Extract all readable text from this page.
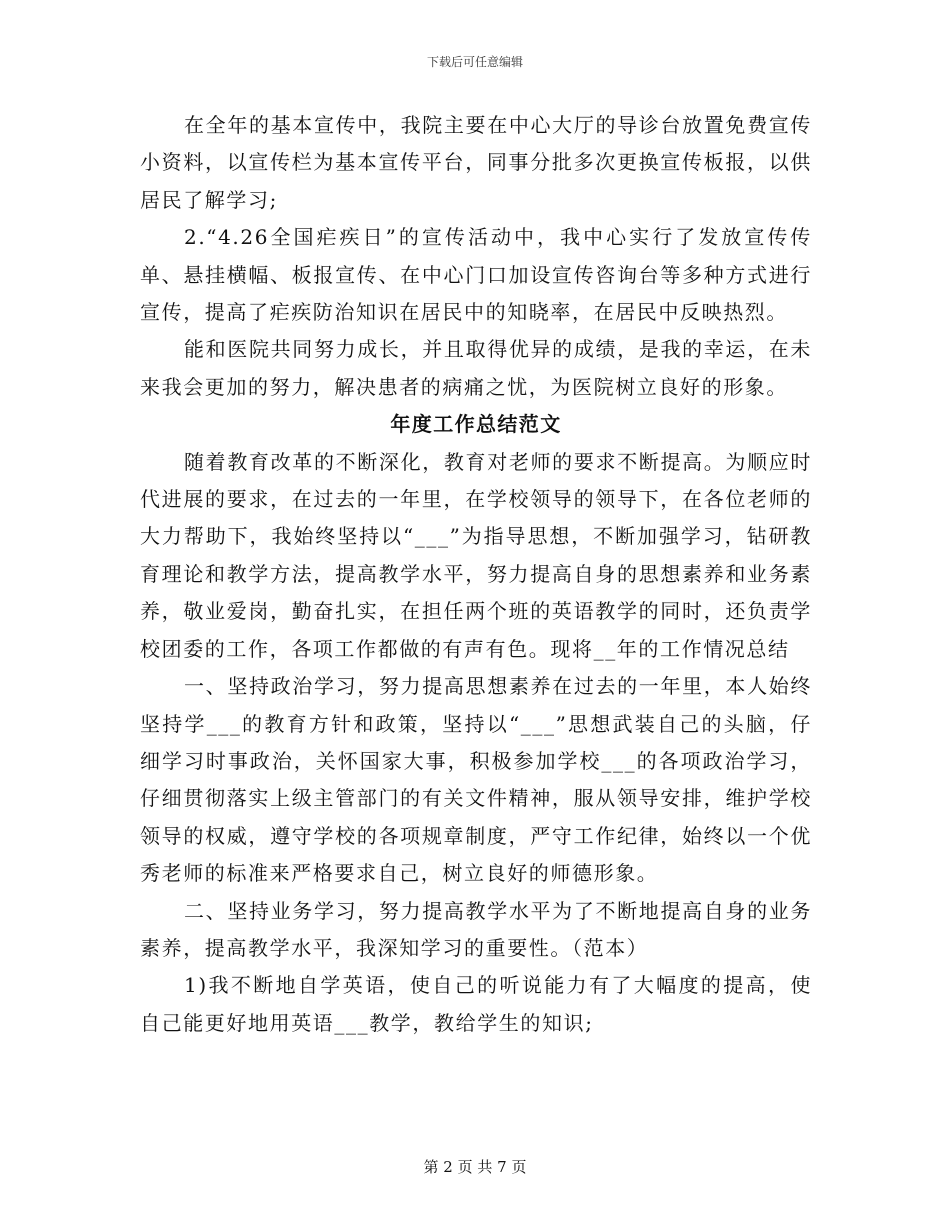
下载后可任意编辑

在全年的基本宣传中，我院主要在中心大厅的导诊台放置免费宣传小资料，以宣传栏为基本宣传平台，同事分批多次更换宣传板报，以供居民了解学习;

2.“4.26全国疟疾日”的宣传活动中，我中心实行了发放宣传传单、悬挂横幅、板报宣传、在中心门口加设宣传咨询台等多种方式进行宣传，提高了疟疾防治知识在居民中的知晓率，在居民中反映热烈。

能和医院共同努力成长，并且取得优异的成绩，是我的幸运，在未来我会更加的努力，解决患者的病痛之忧，为医院树立良好的形象。

年度工作总结范文

随着教育改革的不断深化，教育对老师的要求不断提高。为顺应时代进展的要求，在过去的一年里，在学校领导的领导下，在各位老师的大力帮助下，我始终坚持以“___”为指导思想，不断加强学习，钻研教育理论和教学方法，提高教学水平，努力提高自身的思想素养和业务素养，敬业爱岗，勤奋扎实，在担任两个班的英语教学的同时，还负责学校团委的工作，各项工作都做的有声有色。现将__年的工作情况总结

一、坚持政治学习，努力提高思想素养在过去的一年里，本人始终坚持学___的教育方针和政策，坚持以“___”思想武装自己的头脑，仔细学习时事政治，关怀国家大事，积极参加学校___的各项政治学习，仔细贯彻落实上级主管部门的有关文件精神，服从领导安排，维护学校领导的权威，遵守学校的各项规章制度，严守工作纪律，始终以一个优秀老师的标准来严格要求自己，树立良好的师德形象。

二、坚持业务学习，努力提高教学水平为了不断地提高自身的业务素养，提高教学水平，我深知学习的重要性。（范本）

1)我不断地自学英语，使自己的听说能力有了大幅度的提高，使自己能更好地用英语___教学，教给学生的知识;

第 2 页 共 7 页
